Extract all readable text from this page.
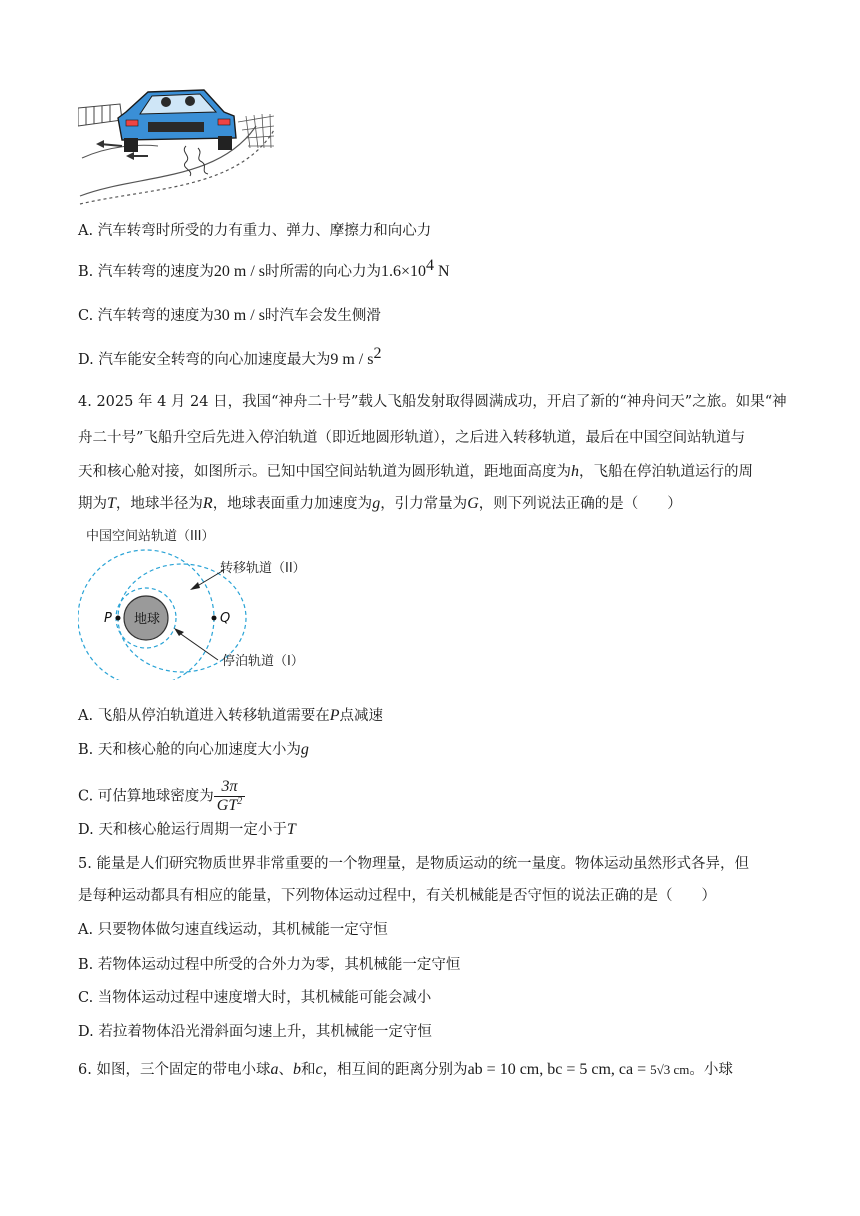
A. 汽车转弯时所受的力有重力、弹力、摩擦力和向心力
B. 汽车转弯的速度为20 m / s时所需的向心力为$1.6\times 10^4$ N
C. 汽车转弯的速度为30 m / s时汽车会发生侧滑
D. 汽车能安全转弯的向心加速度最大为9 m / $s^2$
4. 2025 年 4 月 24 日，我国“神舟二十号”载人飞船发射取得圆满成功，开启了新的“神舟问天”之旅。如果“神
舟二十号”飞船升空后先进入停泊轨道（即近地圆形轨道），之后进入转移轨道，最后在中国空间站轨道与
天和核心舱对接，如图所示。已知中国空间站轨道为圆形轨道，距地面高度为h，飞船在停泊轨道运行的周
期为T，地球半径为R，地球表面重力加速度为g，引力常量为G，则下列说法正确的是（　　）
中国空间站轨道（III）
地球
P	Q
转移轨道（II）
停泊轨道（I）
A. 飞船从停泊轨道进入转移轨道需要在P点减速
B. 天和核心舱的向心加速度大小为g
C. 可估算地球密度为 $\frac{3\pi}{GT^2}$
D. 天和核心舱运行周期一定小于T
5. 能量是人们研究物质世界非常重要的一个物理量，是物质运动的统一量度。物体运动虽然形式各异，但
是每种运动都具有相应的能量，下列物体运动过程中，有关机械能是否守恒的说法正确的是（　　）
A. 只要物体做匀速直线运动，其机械能一定守恒
B. 若物体运动过程中所受的合外力为零，其机械能一定守恒
C. 当物体运动过程中速度增大时，其机械能可能会减小
D. 若拉着物体沿光滑斜面匀速上升，其机械能一定守恒
6. 如图，三个固定的带电小球a、b和c，相互间的距离分别为ab = 10 cm, bc = 5 cm, ca = 5√3 cm。小球
